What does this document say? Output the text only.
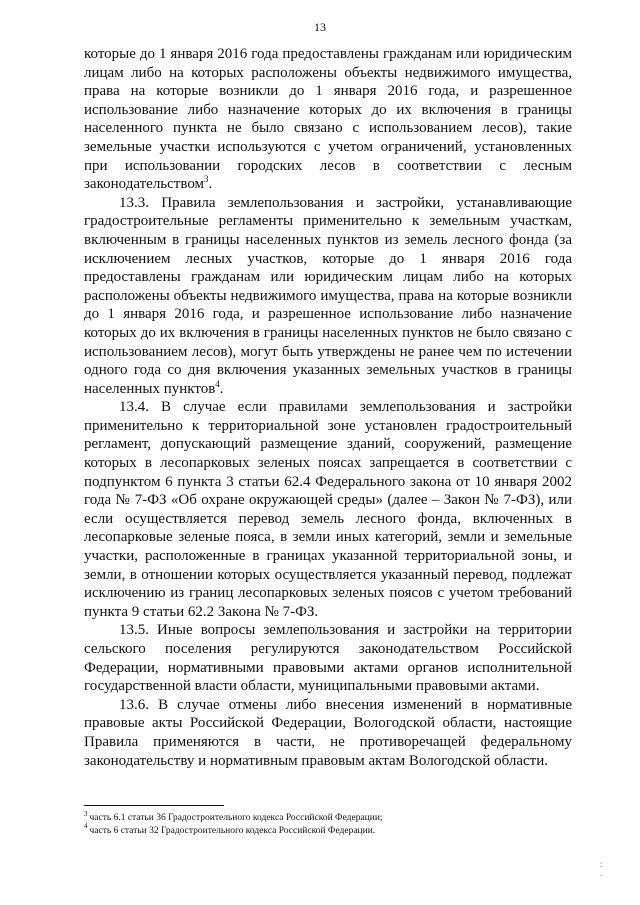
13

которые до 1 января 2016 года предоставлены гражданам или юридическим лицам либо на которых расположены объекты недвижимого имущества, права на которые возникли до 1 января 2016 года, и разрешенное использование либо назначение которых до их включения в границы населенного пункта не было связано с использованием лесов), такие земельные участки используются с учетом ограничений, установленных при использовании городских лесов в соответствии с лесным законодательством$^3$.

13.3. Правила землепользования и застройки, устанавливающие градостроительные регламенты применительно к земельным участкам, включенным в границы населенных пунктов из земель лесного фонда (за исключением лесных участков, которые до 1 января 2016 года предоставлены гражданам или юридическим лицам либо на которых расположены объекты недвижимого имущества, права на которые возникли до 1 января 2016 года, и разрешенное использование либо назначение которых до их включения в границы населенных пунктов не было связано с использованием лесов), могут быть утверждены не ранее чем по истечении одного года со дня включения указанных земельных участков в границы населенных пунктов$^4$.

13.4. В случае если правилами землепользования и застройки применительно к территориальной зоне установлен градостроительный регламент, допускающий размещение зданий, сооружений, размещение которых в лесопарковых зеленых поясах запрещается в соответствии с подпунктом 6 пункта 3 статьи 62.4 Федерального закона от 10 января 2002 года № 7-ФЗ «Об охране окружающей среды» (далее – Закон № 7-ФЗ), или если осуществляется перевод земель лесного фонда, включенных в лесопарковые зеленые пояса, в земли иных категорий, земли и земельные участки, расположенные в границах указанной территориальной зоны, и земли, в отношении которых осуществляется указанный перевод, подлежат исключению из границ лесопарковых зеленых поясов с учетом требований пункта 9 статьи 62.2 Закона № 7-ФЗ.

13.5. Иные вопросы землепользования и застройки на территории сельского поселения регулируются законодательством Российской Федерации, нормативными правовыми актами органов исполнительной государственной власти области, муниципальными правовыми актами.

13.6. В случае отмены либо внесения изменений в нормативные правовые акты Российской Федерации, Вологодской области, настоящие Правила применяются в части, не противоречащей федеральному законодательству и нормативным правовым актам Вологодской области.

$^3$ часть 6.1 статьи 36 Градостроительного кодекса Российской Федерации;

$^4$ часть 6 статьи 32 Градостроительного кодекса Российской Федерации.

:
.
